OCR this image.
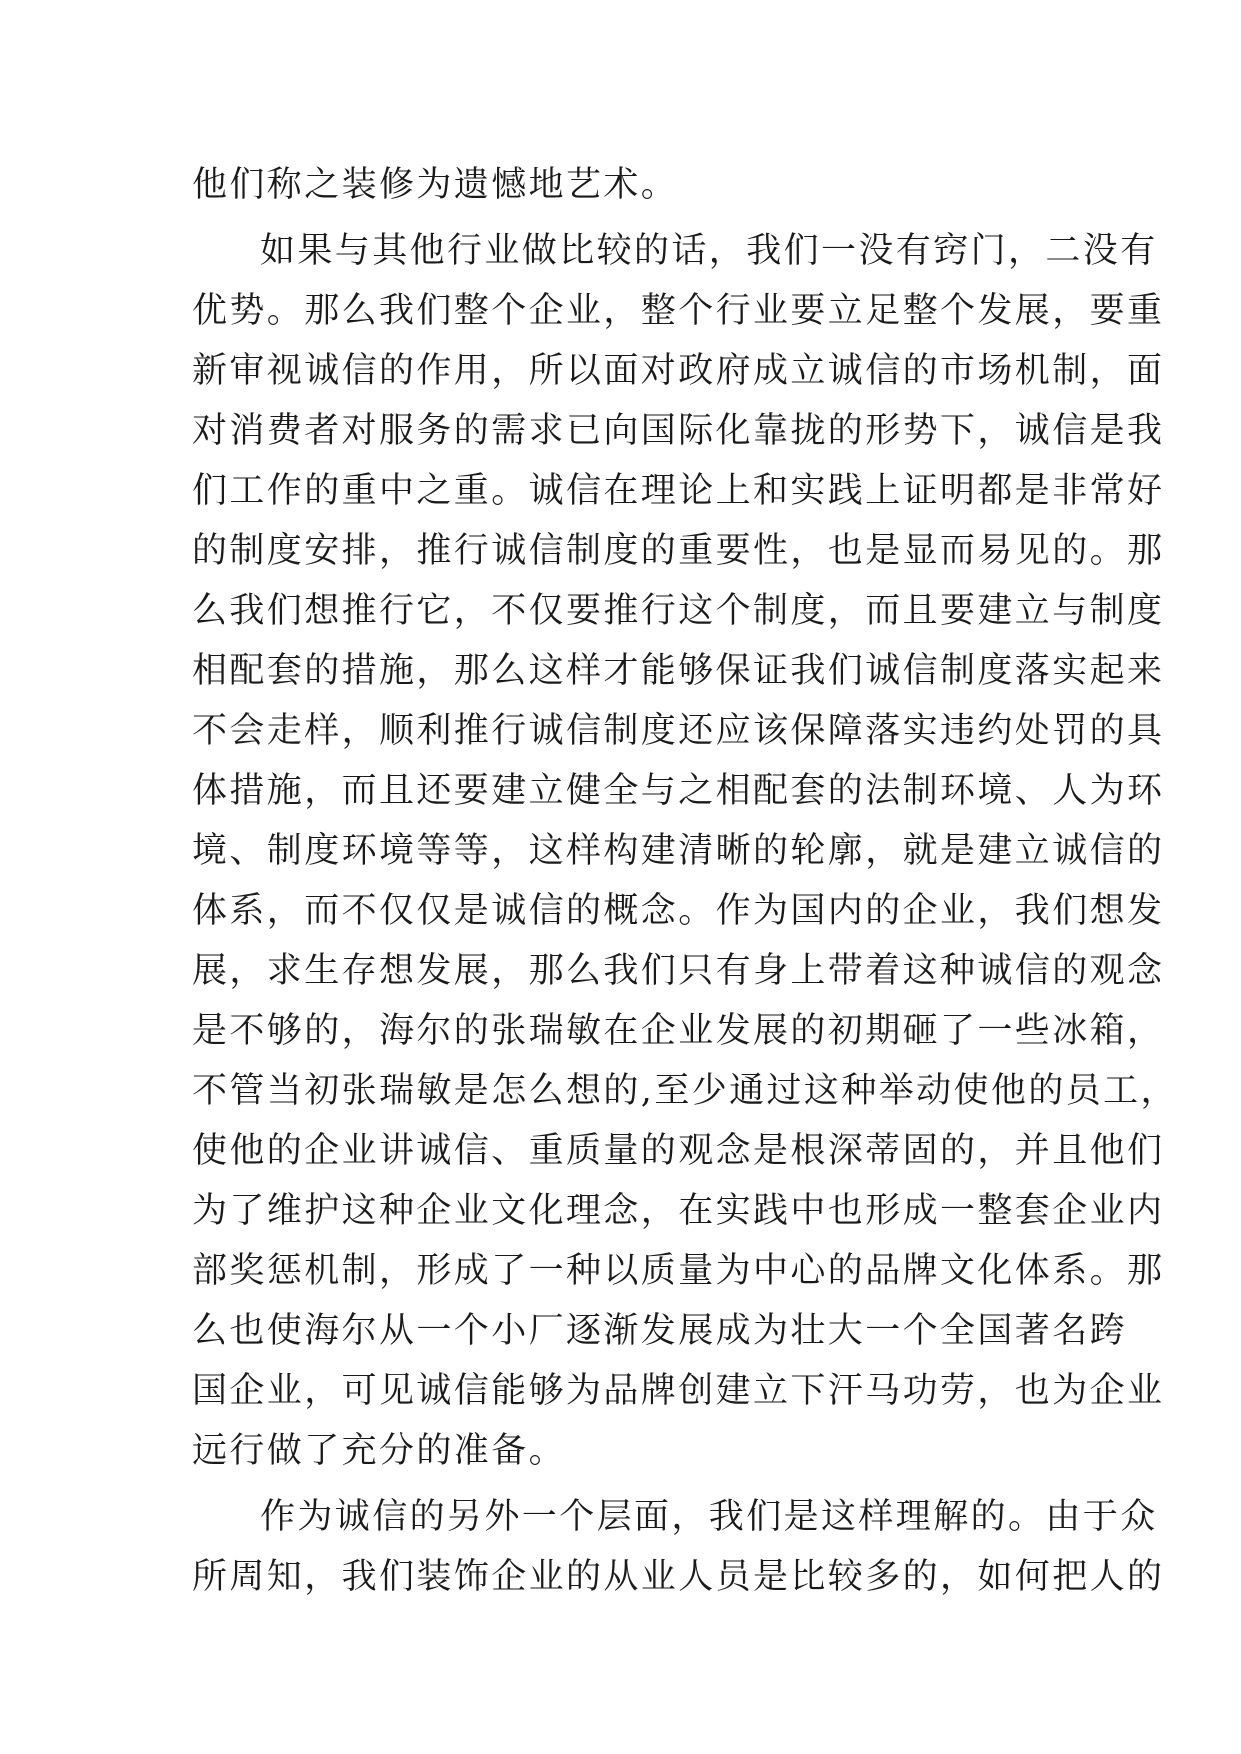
他们称之装修为遗憾地艺术。
如果与其他行业做比较的话，我们一没有窍门，二没有
优势。那么我们整个企业，整个行业要立足整个发展，要重
新审视诚信的作用，所以面对政府成立诚信的市场机制，面
对消费者对服务的需求已向国际化靠拢的形势下，诚信是我
们工作的重中之重。诚信在理论上和实践上证明都是非常好
的制度安排，推行诚信制度的重要性，也是显而易见的。那
么我们想推行它，不仅要推行这个制度，而且要建立与制度
相配套的措施，那么这样才能够保证我们诚信制度落实起来
不会走样，顺利推行诚信制度还应该保障落实违约处罚的具
体措施，而且还要建立健全与之相配套的法制环境、人为环
境、制度环境等等，这样构建清晰的轮廓，就是建立诚信的
体系，而不仅仅是诚信的概念。作为国内的企业，我们想发
展，求生存想发展，那么我们只有身上带着这种诚信的观念
是不够的，海尔的张瑞敏在企业发展的初期砸了一些冰箱，
不管当初张瑞敏是怎么想的,至少通过这种举动使他的员工，
使他的企业讲诚信、重质量的观念是根深蒂固的，并且他们
为了维护这种企业文化理念，在实践中也形成一整套企业内
部奖惩机制，形成了一种以质量为中心的品牌文化体系。那
么也使海尔从一个小厂逐渐发展成为壮大一个全国著名跨
国企业，可见诚信能够为品牌创建立下汗马功劳，也为企业
远行做了充分的准备。
作为诚信的另外一个层面，我们是这样理解的。由于众
所周知，我们装饰企业的从业人员是比较多的，如何把人的
